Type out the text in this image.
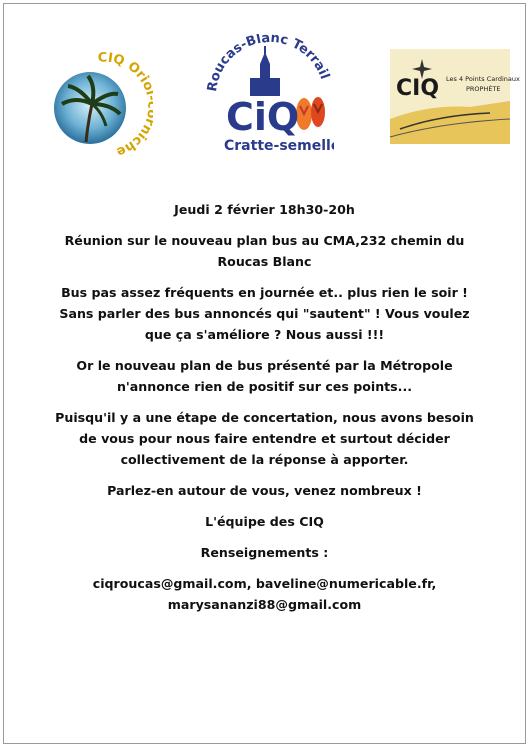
CIQ Ori niche
Roucas-Blanc Terrail
CiQ
Cratte-semelle
CIQ Les 4 Points Cardinaux
PROPHÈTE
Jeudi 2 février 18h30-20h
Réunion sur le nouveau plan bus au CMA,232 chemin du
Roucas Blanc
Bus pas assez fréquents en journée et.. plus rien le soir !
Sans parler des bus annoncés qui "sautent" ! Vous voulez
que ça s'améliore ? Nous aussi !!!
Or le nouveau plan de bus présenté par la Métropole
n'annonce rien de positif sur ces points...
Puisqu'il y a une étape de concertation, nous avons besoin
de vous pour nous faire entendre et surtout décider
collectivement de la réponse à apporter.
Parlez-en autour de vous, venez nombreux !
L'équipe des CIQ
Renseignements :
ciqroucas@gmail.com, baveline@numericable.fr,
marysananzi88@gmail.com
